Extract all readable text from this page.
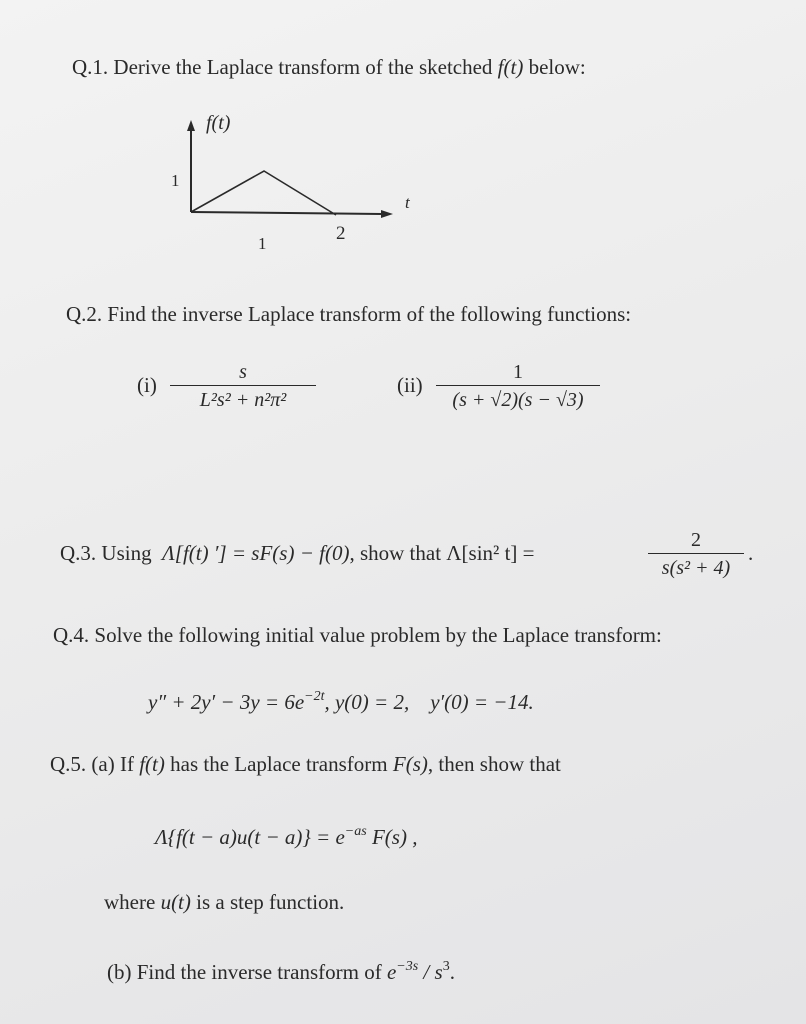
Q.1. Derive the Laplace transform of the sketched f(t) below:
f(t)
t
1
1	2
Q.2. Find the inverse Laplace transform of the following functions:
(i)
s
L²s² + n²π²
(ii)
1
(s + √2)(s − √3)
Q.3. Using Λ[f(t) ′] = sF(s) − f(0), show that Λ[sin² t] =
2
s(s² + 4)
.
Q.4. Solve the following initial value problem by the Laplace transform:
$y'' + 2y' - 3y = 6e^{-2t}$, y(0) = 2, y′(0) = −14.
Q.5. (a) If f(t) has the Laplace transform F(s), then show that
$\Lambda\{f(t - a)u(t - a)\} = e^{-as}$ F(s) ,
where u(t) is a step function.
(b) Find the inverse transform of $e^{-3s} / s^3$.
